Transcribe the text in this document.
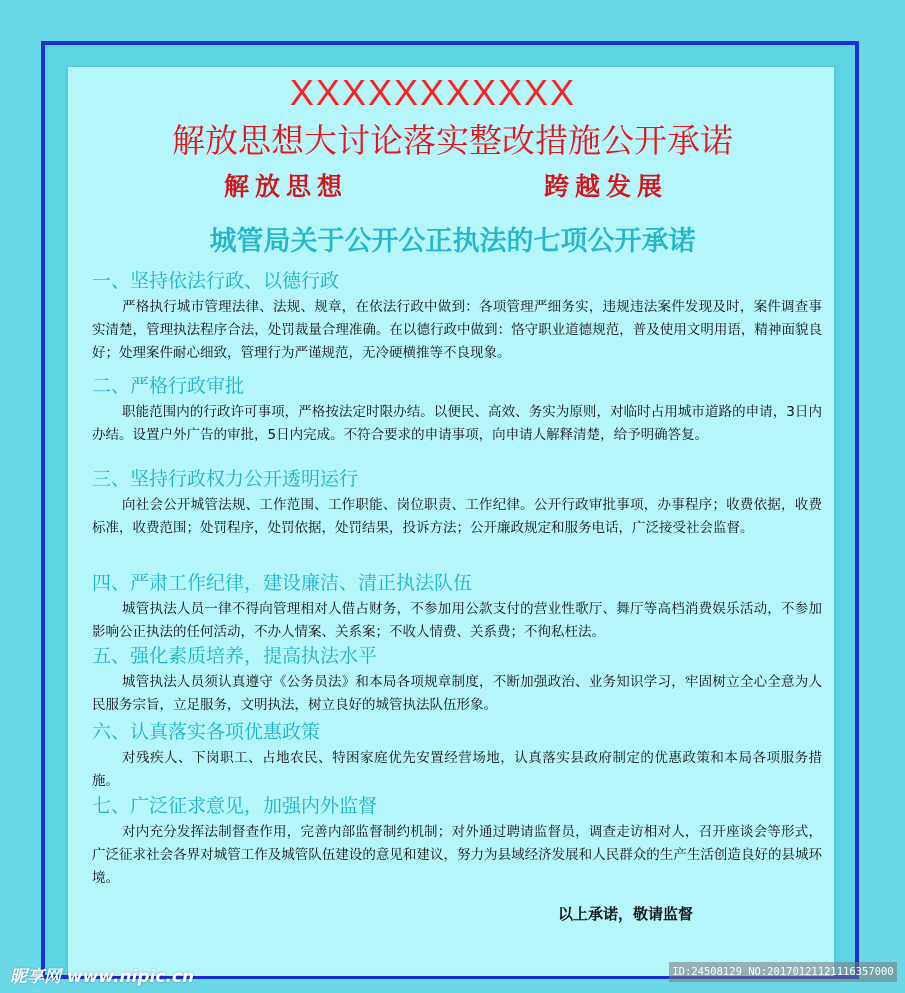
XXXXXXXXXXX
解放思想大讨论落实整改措施公开承诺
解放思想	跨越发展
城管局关于公开公正执法的七项公开承诺

一、坚持依法行政、以德行政

严格执行城市管理法律、法规、规章，在依法行政中做到：各项管理严细务实，违规违法案件发现及时，案件调查事实清楚，管理执法程序合法，处罚裁量合理准确。在以德行政中做到：恪守职业道德规范，普及使用文明用语，精神面貌良好；处理案件耐心细致，管理行为严谨规范，无冷硬横推等不良现象。

二、严格行政审批

职能范围内的行政许可事项，严格按法定时限办结。以便民、高效、务实为原则，对临时占用城市道路的申请，3日内办结。设置户外广告的审批，5日内完成。不符合要求的申请事项，向申请人解释清楚，给予明确答复。

三、坚持行政权力公开透明运行

向社会公开城管法规、工作范围、工作职能、岗位职责、工作纪律。公开行政审批事项，办事程序；收费依据，收费标准，收费范围；处罚程序，处罚依据，处罚结果，投诉方法；公开廉政规定和服务电话，广泛接受社会监督。

四、严肃工作纪律，建设廉洁、清正执法队伍

城管执法人员一律不得向管理相对人借占财务，不参加用公款支付的营业性歌厅、舞厅等高档消费娱乐活动，不参加影响公正执法的任何活动，不办人情案、关系案；不收人情费、关系费；不徇私枉法。

五、强化素质培养，提高执法水平

城管执法人员须认真遵守《公务员法》和本局各项规章制度，不断加强政治、业务知识学习，牢固树立全心全意为人民服务宗旨，立足服务，文明执法，树立良好的城管执法队伍形象。

六、认真落实各项优惠政策

对残疾人、下岗职工、占地农民、特困家庭优先安置经营场地，认真落实县政府制定的优惠政策和本局各项服务措施。

七、广泛征求意见，加强内外监督

对内充分发挥法制督查作用，完善内部监督制约机制；对外通过聘请监督员，调查走访相对人，召开座谈会等形式，广泛征求社会各界对城管工作及城管队伍建设的意见和建议，努力为县域经济发展和人民群众的生产生活创造良好的县城环境。

以上承诺，敬请监督
昵享网 www.nipic.cn	ID:24508129 NO:20170121121116357000
